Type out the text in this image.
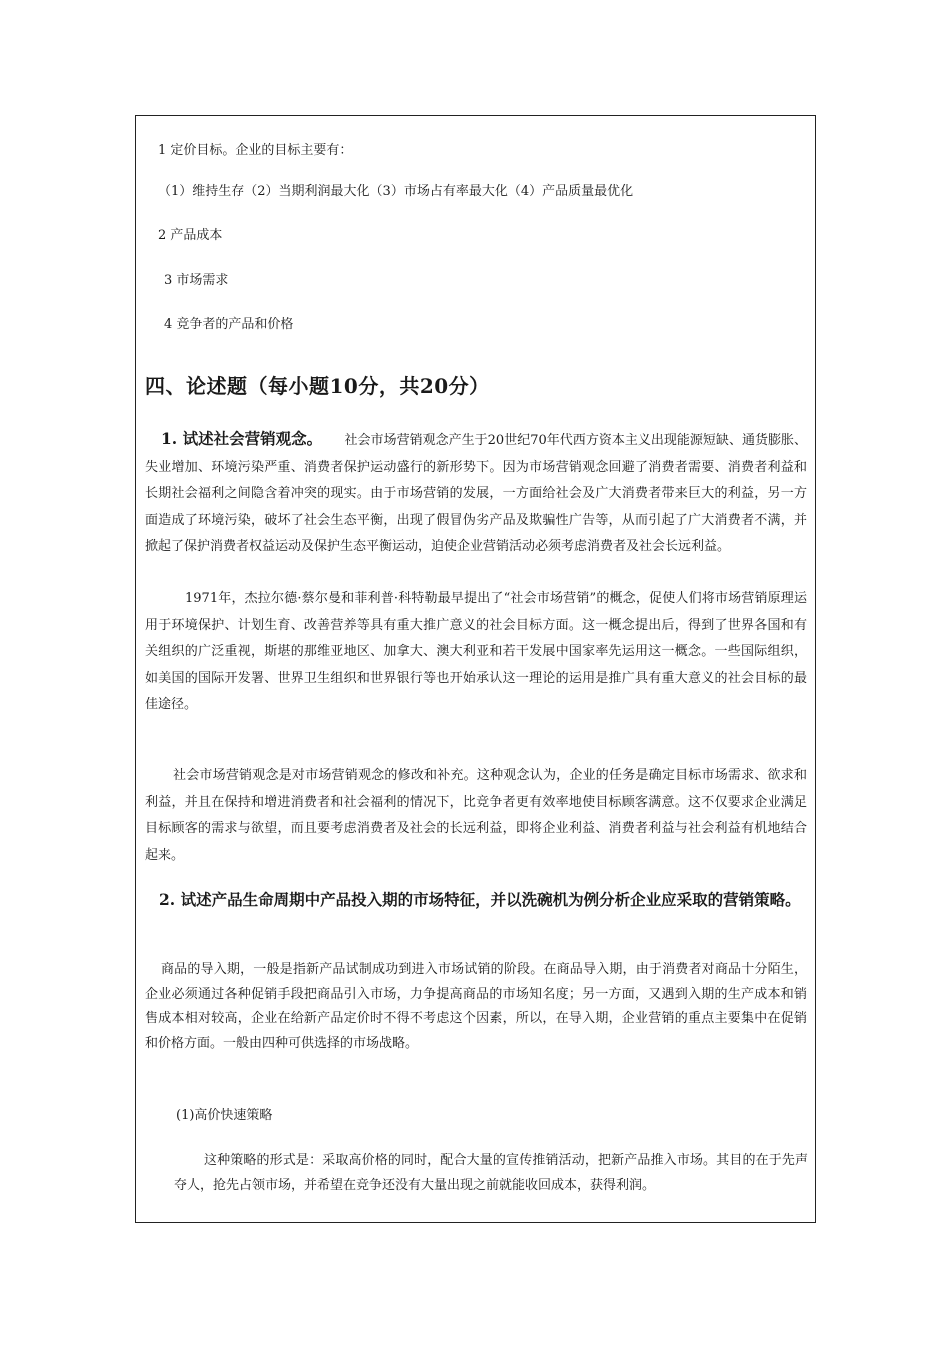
1 定价目标。企业的目标主要有：
（1）维持生存（2）当期利润最大化（3）市场占有率最大化（4）产品质量最优化
2 产品成本
3 市场需求
4 竞争者的产品和价格
四、论述题（每小题10分，共20分）
1. 试述社会营销观念。 社会市场营销观念产生于20世纪70年代西方资本主义出现能源短缺、通货膨胀、失业增加、环境污染严重、消费者保护运动盛行的新形势下。因为市场营销观念回避了消费者需要、消费者利益和长期社会福利之间隐含着冲突的现实。由于市场营销的发展，一方面给社会及广大消费者带来巨大的利益，另一方面造成了环境污染，破坏了社会生态平衡，出现了假冒伪劣产品及欺骗性广告等，从而引起了广大消费者不满，并掀起了保护消费者权益运动及保护生态平衡运动，迫使企业营销活动必须考虑消费者及社会长远利益。
1971年，杰拉尔德·蔡尔曼和菲利普·科特勒最早提出了“社会市场营销”的概念，促使人们将市场营销原理运用于环境保护、计划生育、改善营养等具有重大推广意义的社会目标方面。这一概念提出后，得到了世界各国和有关组织的广泛重视，斯堪的那维亚地区、加拿大、澳大利亚和若干发展中国家率先运用这一概念。一些国际组织，如美国的国际开发署、世界卫生组织和世界银行等也开始承认这一理论的运用是推广具有重大意义的社会目标的最佳途径。
社会市场营销观念是对市场营销观念的修改和补充。这种观念认为，企业的任务是确定目标市场需求、欲求和利益，并且在保持和增进消费者和社会福利的情况下，比竞争者更有效率地使目标顾客满意。这不仅要求企业满足目标顾客的需求与欲望，而且要考虑消费者及社会的长远利益，即将企业利益、消费者利益与社会利益有机地结合起来。
2. 试述产品生命周期中产品投入期的市场特征，并以洗碗机为例分析企业应采取的营销策略。
商品的导入期，一般是指新产品试制成功到进入市场试销的阶段。在商品导入期，由于消费者对商品十分陌生，企业必须通过各种促销手段把商品引入市场，力争提高商品的市场知名度；另一方面，又遇到入期的生产成本和销售成本相对较高，企业在给新产品定价时不得不考虑这个因素，所以，在导入期，企业营销的重点主要集中在促销和价格方面。一般由四种可供选择的市场战略。
(1)高价快速策略
这种策略的形式是：采取高价格的同时，配合大量的宣传推销活动，把新产品推入市场。其目的在于先声夺人，抢先占领市场，并希望在竞争还没有大量出现之前就能收回成本，获得利润。
